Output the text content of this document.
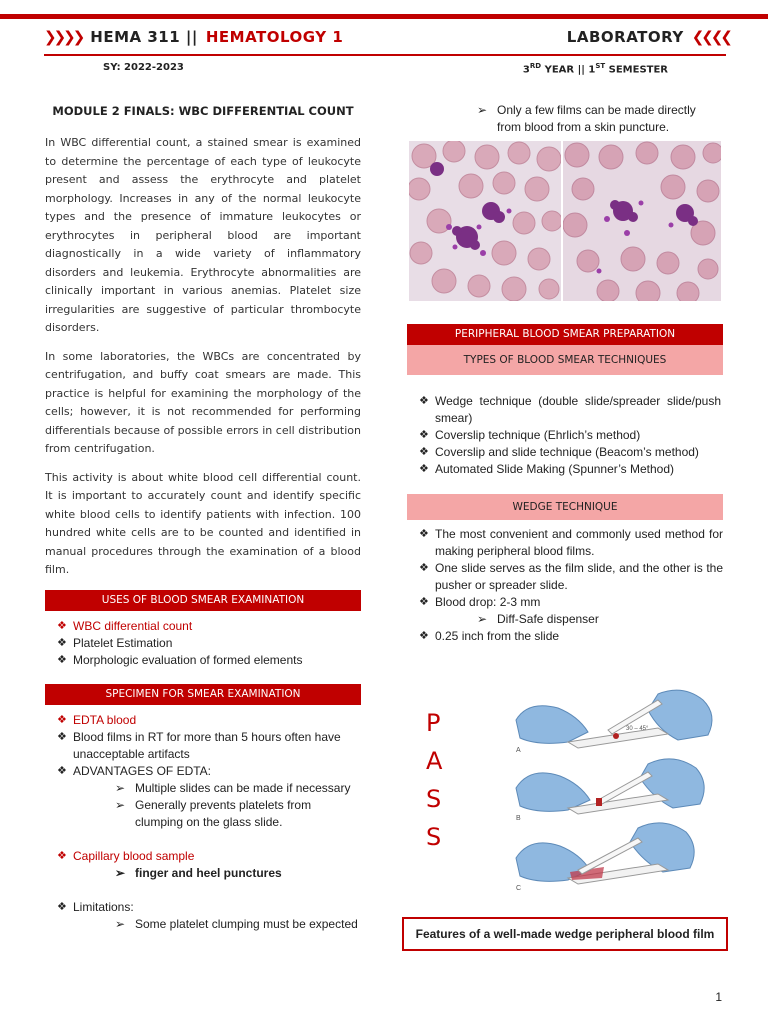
❯❯❯❯ HEMA 311 || HEMATOLOGY 1	LABORATORY ❮❮❮❮
SY: 2022-2023	3RD YEAR || 1ST SEMESTER
MODULE 2 FINALS: WBC DIFFERENTIAL COUNT

In WBC differential count, a stained smear is examined to determine the percentage of each type of leukocyte present and assess the erythrocyte and platelet morphology. Increases in any of the normal leukocyte types and the presence of immature leukocytes or erythrocytes in peripheral blood are important diagnostically in a wide variety of inflammatory disorders and leukemia. Erythrocyte abnormalities are clinically important in various anemias. Platelet size irregularities are suggestive of particular thrombocyte disorders.

In some laboratories, the WBCs are concentrated by centrifugation, and buffy coat smears are made. This practice is helpful for examining the morphology of the cells; however, it is not recommended for performing differentials because of possible errors in cell distribution from centrifugation.

This activity is about white blood cell differential count. It is important to accurately count and identify specific white blood cells to identify patients with infection. 100 hundred white cells are to be counted and identified in manual procedures through the examination of a blood film.

USES OF BLOOD SMEAR EXAMINATION
❖ WBC differential count
❖ Platelet Estimation
❖ Morphologic evaluation of formed elements
SPECIMEN FOR SMEAR EXAMINATION
❖ EDTA blood
❖ Blood films in RT for more than 5 hours often have unacceptable artifacts
❖ ADVANTAGES OF EDTA:
➢ Multiple slides can be made if necessary
➢ Generally prevents platelets from clumping on the glass slide.
❖ Capillary blood sample
➢ finger and heel punctures
❖ Limitations:
➢ Some platelet clumping must be expected
➢ Only a few films can be made directly from blood from a skin puncture.
PERIPHERAL BLOOD SMEAR PREPARATION
TYPES OF BLOOD SMEAR TECHNIQUES
❖ Wedge technique (double slide/spreader slide/push smear)
❖ Coverslip technique (Ehrlich’s method)
❖ Coverslip and slide technique (Beacom’s method)
❖ Automated Slide Making (Spunner’s Method)
WEDGE TECHNIQUE
❖ The most convenient and commonly used method for making peripheral blood films.
❖ One slide serves as the film slide, and the other is the pusher or spreader slide.
❖ Blood drop: 2-3 mm
➢ Diff-Safe dispenser
❖ 0.25 inch from the slide
P
A
S
S
30 – 45°
A
B
C
Features of a well-made wedge peripheral blood film
1
